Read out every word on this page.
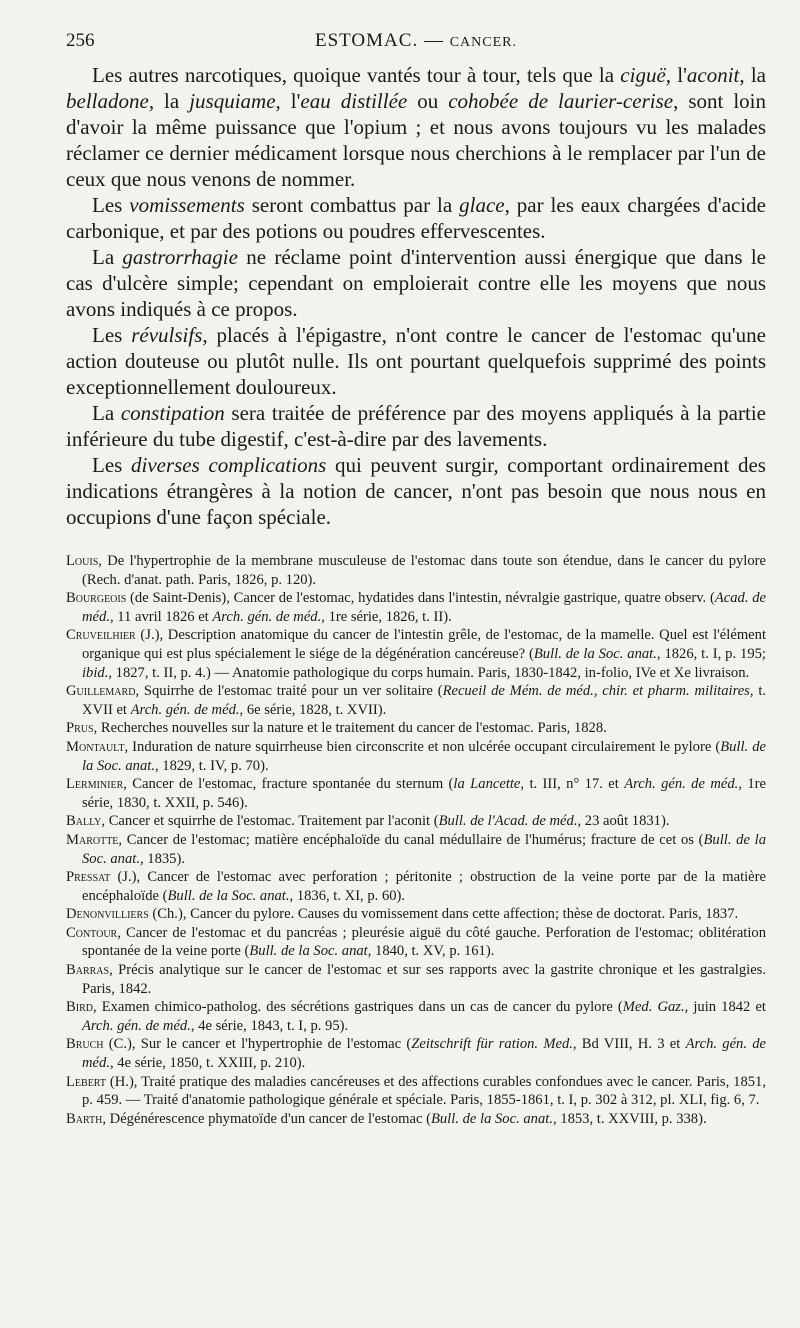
256	ESTOMAC. — CANCER.

Les autres narcotiques, quoique vantés tour à tour, tels que la ciguë, l'aconit, la belladone, la jusquiame, l'eau distillée ou cohobée de laurier-cerise, sont loin d'avoir la même puissance que l'opium ; et nous avons toujours vu les malades réclamer ce dernier médicament lorsque nous cherchions à le remplacer par l'un de ceux que nous venons de nommer.

Les vomissements seront combattus par la glace, par les eaux chargées d'acide carbonique, et par des potions ou poudres effervescentes.

La gastrorrhagie ne réclame point d'intervention aussi énergique que dans le cas d'ulcère simple; cependant on emploierait contre elle les moyens que nous avons indiqués à ce propos.

Les révulsifs, placés à l'épigastre, n'ont contre le cancer de l'estomac qu'une action douteuse ou plutôt nulle. Ils ont pourtant quelquefois supprimé des points exceptionnellement douloureux.

La constipation sera traitée de préférence par des moyens appliqués à la partie inférieure du tube digestif, c'est-à-dire par des lavements.

Les diverses complications qui peuvent surgir, comportant ordinairement des indications étrangères à la notion de cancer, n'ont pas besoin que nous nous en occupions d'une façon spéciale.

Louis, De l'hypertrophie de la membrane musculeuse de l'estomac dans toute son étendue, dans le cancer du pylore (Rech. d'anat. path. Paris, 1826, p. 120).

Bourgeois (de Saint-Denis), Cancer de l'estomac, hydatides dans l'intestin, névralgie gastrique, quatre observ. (Acad. de méd., 11 avril 1826 et Arch. gén. de méd., 1re série, 1826, t. II).

Cruveilhier (J.), Description anatomique du cancer de l'intestin grêle, de l'estomac, de la mamelle. Quel est l'élément organique qui est plus spécialement le siége de la dégénération cancéreuse? (Bull. de la Soc. anat., 1826, t. I, p. 195; ibid., 1827, t. II, p. 4.) — Anatomie pathologique du corps humain. Paris, 1830-1842, in-folio, IVe et Xe livraison.

Guillemard, Squirrhe de l'estomac traité pour un ver solitaire (Recueil de Mém. de méd., chir. et pharm. militaires, t. XVII et Arch. gén. de méd., 6e série, 1828, t. XVII).

Prus, Recherches nouvelles sur la nature et le traitement du cancer de l'estomac. Paris, 1828.

Montault, Induration de nature squirrheuse bien circonscrite et non ulcérée occupant circulairement le pylore (Bull. de la Soc. anat., 1829, t. IV, p. 70).

Lerminier, Cancer de l'estomac, fracture spontanée du sternum (la Lancette, t. III, n° 17. et Arch. gén. de méd., 1re série, 1830, t. XXII, p. 546).

Bally, Cancer et squirrhe de l'estomac. Traitement par l'aconit (Bull. de l'Acad. de méd., 23 août 1831).

Marotte, Cancer de l'estomac; matière encéphaloïde du canal médullaire de l'humérus; fracture de cet os (Bull. de la Soc. anat., 1835).

Pressat (J.), Cancer de l'estomac avec perforation ; péritonite ; obstruction de la veine porte par de la matière encéphaloïde (Bull. de la Soc. anat., 1836, t. XI, p. 60).

Denonvilliers (Ch.), Cancer du pylore. Causes du vomissement dans cette affection; thèse de doctorat. Paris, 1837.

Contour, Cancer de l'estomac et du pancréas ; pleurésie aiguë du côté gauche. Perforation de l'estomac; oblitération spontanée de la veine porte (Bull. de la Soc. anat, 1840, t. XV, p. 161).

Barras, Précis analytique sur le cancer de l'estomac et sur ses rapports avec la gastrite chronique et les gastralgies. Paris, 1842.

Bird, Examen chimico-patholog. des sécrétions gastriques dans un cas de cancer du pylore (Med. Gaz., juin 1842 et Arch. gén. de méd., 4e série, 1843, t. I, p. 95).

Bruch (C.), Sur le cancer et l'hypertrophie de l'estomac (Zeitschrift für ration. Med., Bd VIII, H. 3 et Arch. gén. de méd., 4e série, 1850, t. XXIII, p. 210).

Lebert (H.), Traité pratique des maladies cancéreuses et des affections curables confondues avec le cancer. Paris, 1851, p. 459. — Traité d'anatomie pathologique générale et spéciale. Paris, 1855-1861, t. I, p. 302 à 312, pl. XLI, fig. 6, 7.

Barth, Dégénérescence phymatoïde d'un cancer de l'estomac (Bull. de la Soc. anat., 1853, t. XXVIII, p. 338).
